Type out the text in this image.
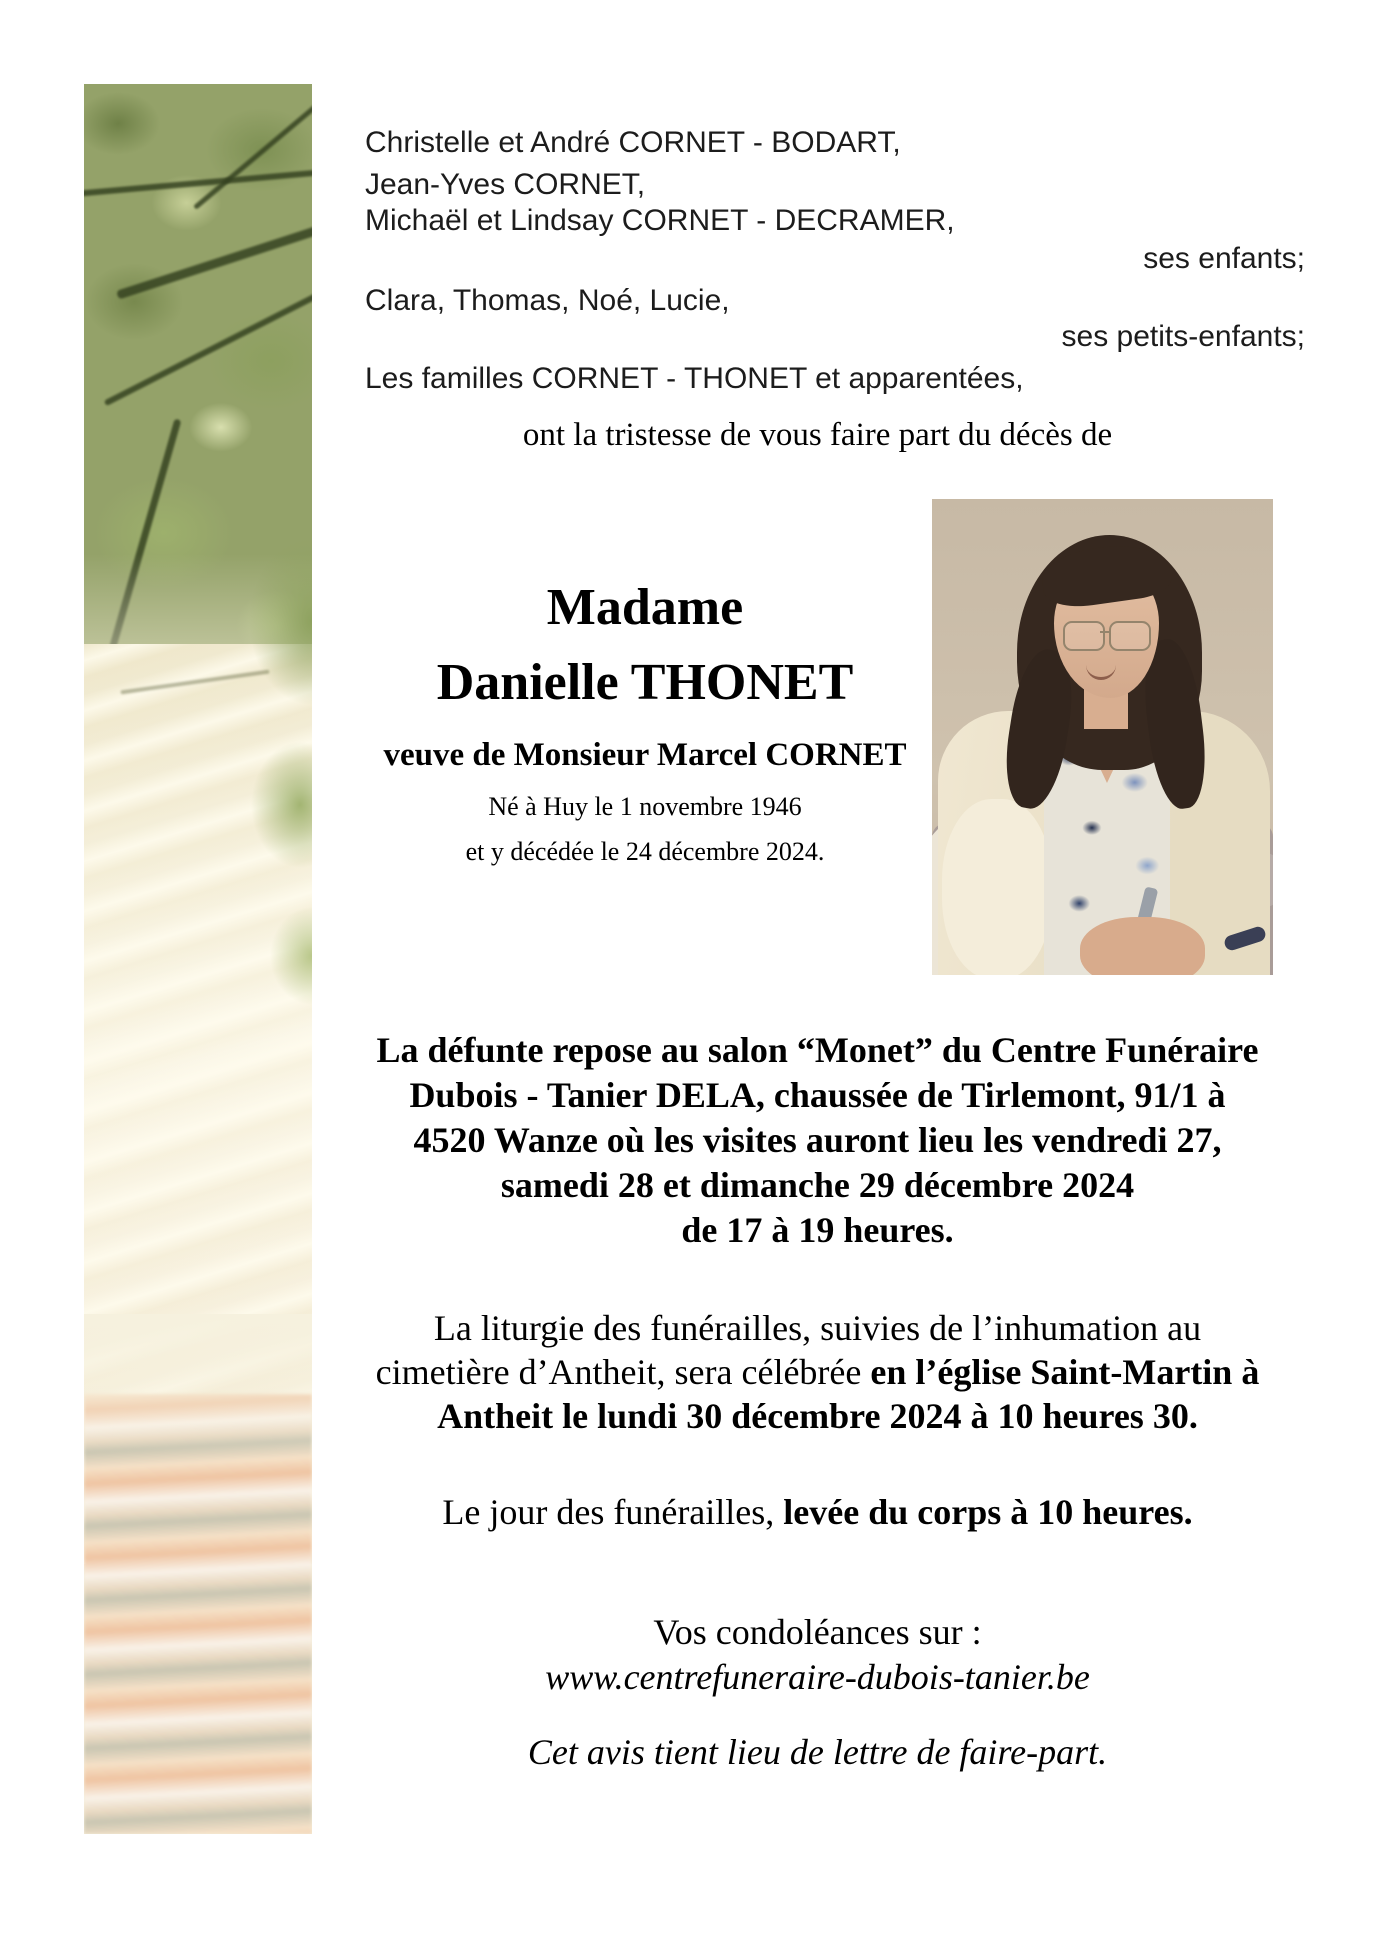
Christelle et André CORNET - BODART,
Jean-Yves CORNET,
Michaël et Lindsay CORNET - DECRAMER,
ses enfants;
Clara, Thomas, Noé, Lucie,
ses petits-enfants;
Les familles CORNET - THONET et apparentées,
ont la tristesse de vous faire part du décès de
Madame
Danielle THONET
veuve de Monsieur Marcel CORNET
Né à Huy le 1 novembre 1946
et y décédée le 24 décembre 2024.
La défunte repose au salon “Monet” du Centre Funéraire
Dubois - Tanier DELA, chaussée de Tirlemont, 91/1 à
4520 Wanze où les visites auront lieu les vendredi 27,
samedi 28 et dimanche 29 décembre 2024
de 17 à 19 heures.
La liturgie des funérailles, suivies de l’inhumation au
cimetière d’Antheit, sera célébrée en l’église Saint-Martin à
Antheit le lundi 30 décembre 2024 à 10 heures 30.
Le jour des funérailles, levée du corps à 10 heures.
Vos condoléances sur :
www.centrefuneraire-dubois-tanier.be
Cet avis tient lieu de lettre de faire-part.
